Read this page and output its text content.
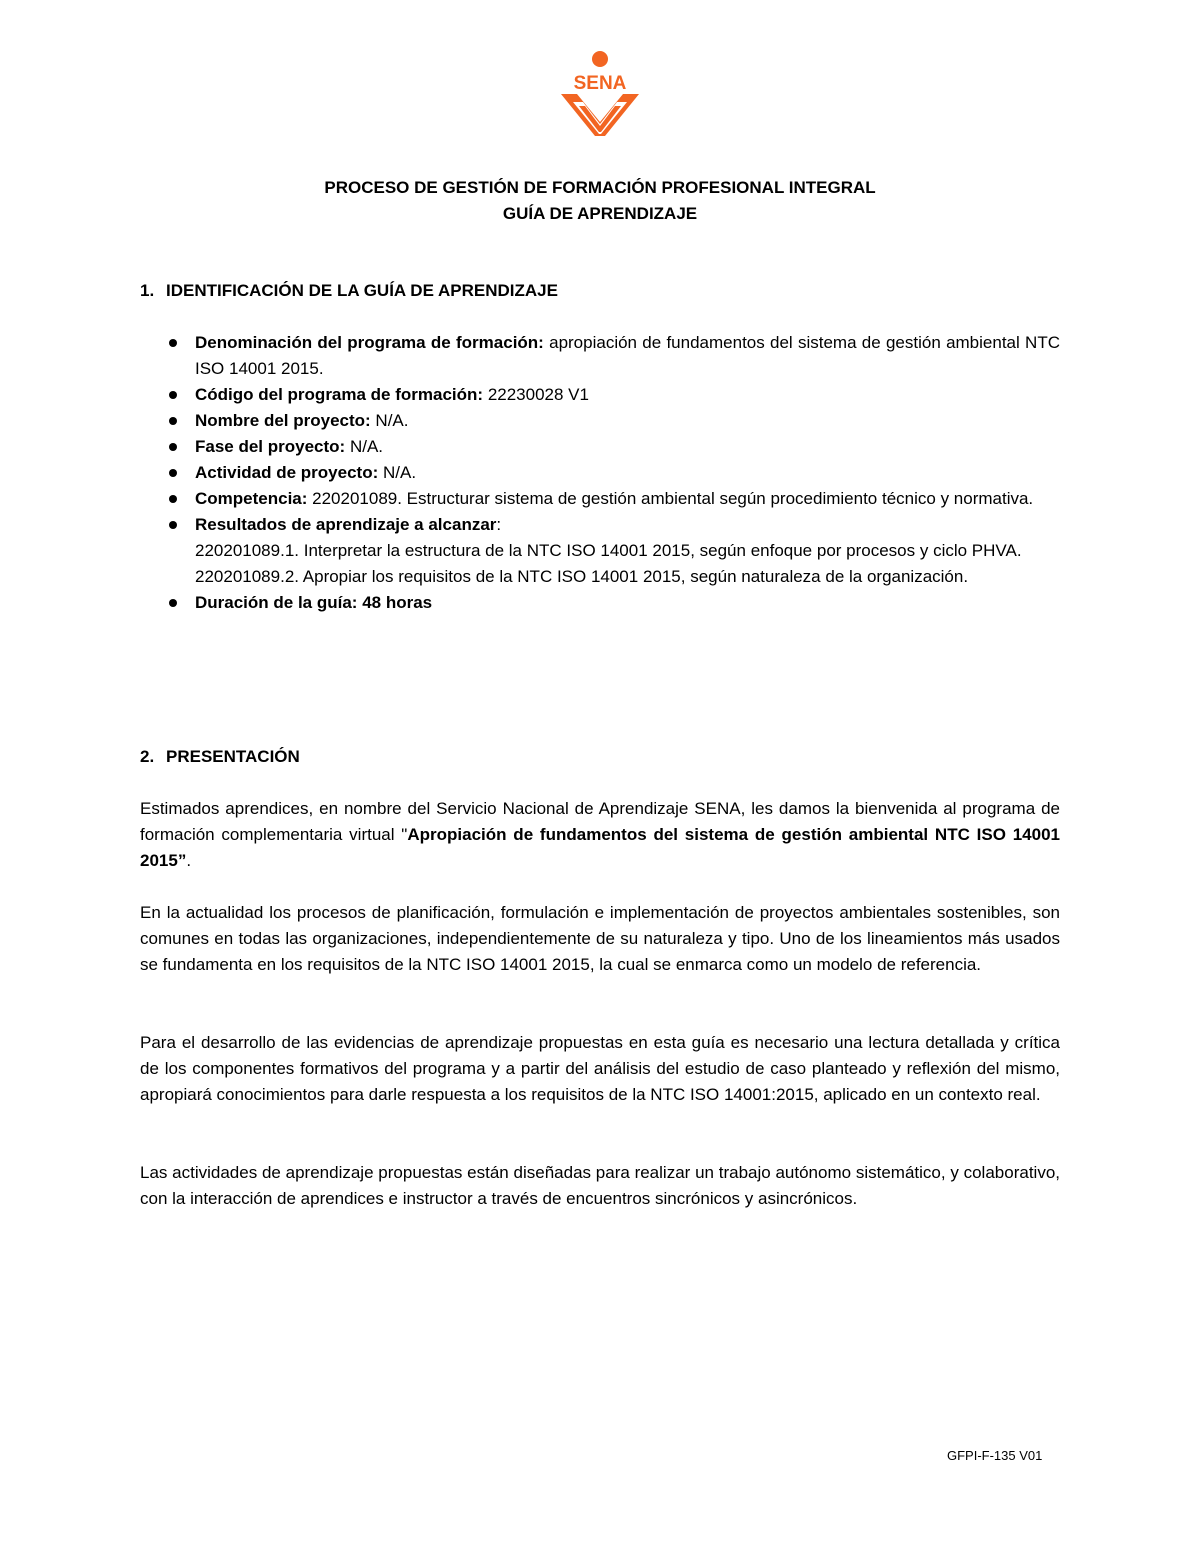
SENA
PROCESO DE GESTIÓN DE FORMACIÓN PROFESIONAL INTEGRAL
GUÍA DE APRENDIZAJE
1. IDENTIFICACIÓN DE LA GUÍA DE APRENDIZAJE
Denominación del programa de formación: apropiación de fundamentos del sistema de gestión ambiental NTC ISO 14001 2015.
Código del programa de formación: 22230028 V1
Nombre del proyecto: N/A.
Fase del proyecto: N/A.
Actividad de proyecto: N/A.
Competencia: 220201089. Estructurar sistema de gestión ambiental según procedimiento técnico y normativa.
Resultados de aprendizaje a alcanzar:
220201089.1. Interpretar la estructura de la NTC ISO 14001 2015, según enfoque por procesos y ciclo PHVA.
220201089.2. Apropiar los requisitos de la NTC ISO 14001 2015, según naturaleza de la organización.
Duración de la guía: 48 horas
2. PRESENTACIÓN
Estimados aprendices, en nombre del Servicio Nacional de Aprendizaje SENA, les damos la bienvenida al programa de formación complementaria virtual "Apropiación de fundamentos del sistema de gestión ambiental NTC ISO 14001 2015”.
En la actualidad los procesos de planificación, formulación e implementación de proyectos ambientales sostenibles, son comunes en todas las organizaciones, independientemente de su naturaleza y tipo. Uno de los lineamientos más usados se fundamenta en los requisitos de la NTC ISO 14001 2015, la cual se enmarca como un modelo de referencia.
Para el desarrollo de las evidencias de aprendizaje propuestas en esta guía es necesario una lectura detallada y crítica de los componentes formativos del programa y a partir del análisis del estudio de caso planteado y reflexión del mismo, apropiará conocimientos para darle respuesta a los requisitos de la NTC ISO 14001:2015, aplicado en un contexto real.
Las actividades de aprendizaje propuestas están diseñadas para realizar un trabajo autónomo sistemático, y colaborativo, con la interacción de aprendices e instructor a través de encuentros sincrónicos y asincrónicos.
GFPI-F-135 V01
